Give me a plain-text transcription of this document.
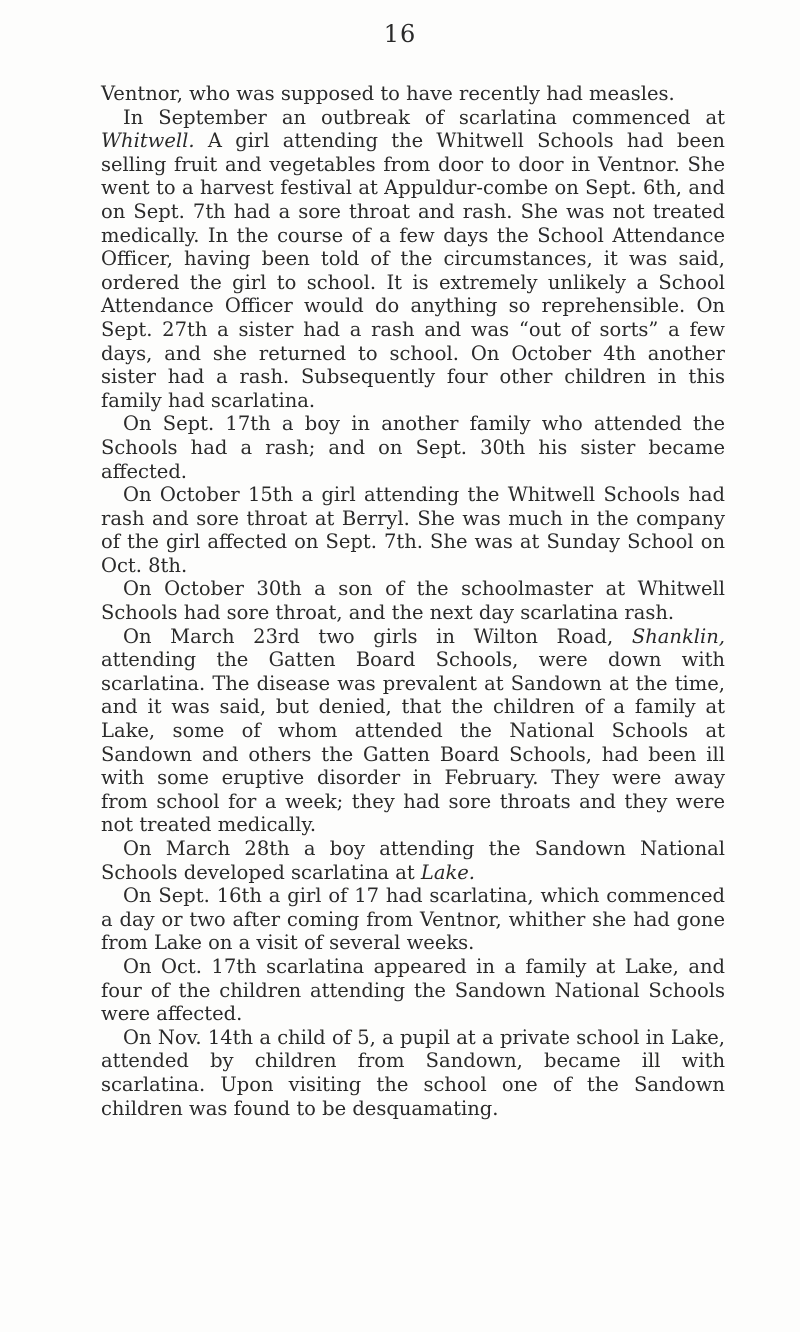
16

Ventnor, who was supposed to have recently had measles.

In September an outbreak of scarlatina commenced at Whitwell. A girl attending the Whitwell Schools had been selling fruit and vegetables from door to door in Ventnor. She went to a harvest festival at Appuldur-combe on Sept. 6th, and on Sept. 7th had a sore throat and rash. She was not treated medically. In the course of a few days the School Attendance Officer, having been told of the circumstances, it was said, ordered the girl to school. It is extremely unlikely a School Attendance Officer would do anything so reprehensible. On Sept. 27th a sister had a rash and was “out of sorts” a few days, and she returned to school. On October 4th another sister had a rash. Subsequently four other children in this family had scarlatina.

On Sept. 17th a boy in another family who attended the Schools had a rash; and on Sept. 30th his sister became affected.

On October 15th a girl attending the Whitwell Schools had rash and sore throat at Berryl. She was much in the company of the girl affected on Sept. 7th. She was at Sunday School on Oct. 8th.

On October 30th a son of the schoolmaster at Whitwell Schools had sore throat, and the next day scarlatina rash.

On March 23rd two girls in Wilton Road, Shanklin, attending the Gatten Board Schools, were down with scarlatina. The disease was prevalent at Sandown at the time, and it was said, but denied, that the children of a family at Lake, some of whom attended the National Schools at Sandown and others the Gatten Board Schools, had been ill with some eruptive disorder in February. They were away from school for a week; they had sore throats and they were not treated medically.

On March 28th a boy attending the Sandown National Schools developed scarlatina at Lake.

On Sept. 16th a girl of 17 had scarlatina, which commenced a day or two after coming from Ventnor, whither she had gone from Lake on a visit of several weeks.

On Oct. 17th scarlatina appeared in a family at Lake, and four of the children attending the Sandown National Schools were affected.

On Nov. 14th a child of 5, a pupil at a private school in Lake, attended by children from Sandown, became ill with scarlatina. Upon visiting the school one of the Sandown children was found to be desquamating.
